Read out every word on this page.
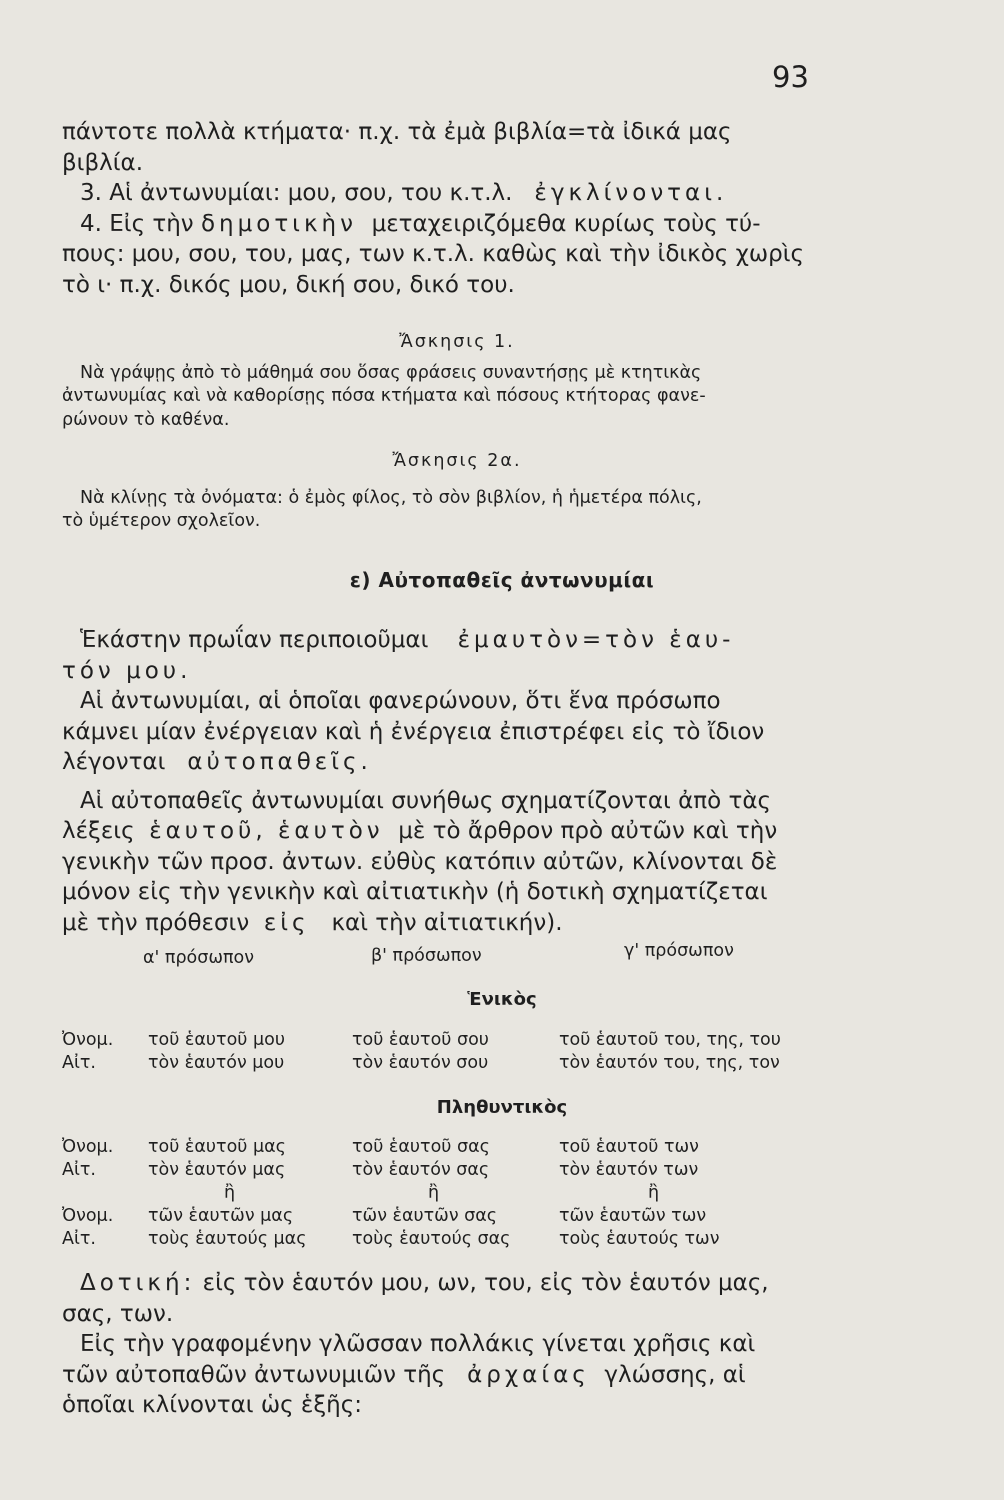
93

πάντοτε πολλὰ κτήματα· π.χ. τὰ ἐμὰ βιβλία=τὰ ἰδικά μας

βιβλία.

3. Αἱ ἀντωνυμίαι: μου, σου, του κ.τ.λ. ἐγκλίνονται.

4. Εἰς τὴν δημοτικὴν μεταχειριζόμεθα κυρίως τοὺς τύ-

πους: μου, σου, του, μας, των κ.τ.λ. καθὼς καὶ τὴν ἰδικὸς χωρὶς

τὸ ι· π.χ. δικός μου, δική σου, δικό του.

Ἄσκησις 1.

Νὰ γράψῃς ἀπὸ τὸ μάθημά σου ὅσας φράσεις συναντήσῃς μὲ κτητικὰς

ἀντωνυμίας καὶ νὰ καθορίσῃς πόσα κτήματα καὶ πόσους κτήτορας φανε-

ρώνουν τὸ καθένα.

Ἄσκησις 2α.

Νὰ κλίνῃς τὰ ὀνόματα: ὁ ἐμὸς φίλος, τὸ σὸν βιβλίον, ἡ ἡμετέρα πόλις,

τὸ ὑμέτερον σχολεῖον.

ε) Αὐτοπαθεῖς ἀντωνυμίαι

Ἑκάστην πρωΐαν περιποιοῦμαι ἐμαυτὸν=τὸν ἑαυ-

τόν μου.

Αἱ ἀντωνυμίαι, αἱ ὁποῖαι φανερώνουν, ὅτι ἕνα πρόσωπο

κάμνει μίαν ἐνέργειαν καὶ ἡ ἐνέργεια ἐπιστρέφει εἰς τὸ ἴδιον

λέγονται αὐτοπαθεῖς.

Αἱ αὐτοπαθεῖς ἀντωνυμίαι συνήθως σχηματίζονται ἀπὸ τὰς

λέξεις ἑαυτοῦ, ἑαυτὸν μὲ τὸ ἄρθρον πρὸ αὐτῶν καὶ τὴν

γενικὴν τῶν προσ. ἀντων. εὐθὺς κατόπιν αὐτῶν, κλίνονται δὲ

μόνον εἰς τὴν γενικὴν καὶ αἰτιατικὴν (ἡ δοτικὴ σχηματίζεται

μὲ τὴν πρόθεσιν εἰς καὶ τὴν αἰτιατικήν).

α' πρόσωπον	β' πρόσωπον	γ' πρόσωπον
Ἑνικὸς
Ὀνομ. τοῦ ἑαυτοῦ μου	τοῦ ἑαυτοῦ σου	τοῦ ἑαυτοῦ του, της, του
Αἰτ.	τὸν ἑαυτόν μου	τὸν ἑαυτόν σου	τὸν ἑαυτόν του, της, τον
Πληθυντικὸς
Ὀνομ. τοῦ ἑαυτοῦ μας	τοῦ ἑαυτοῦ σας	τοῦ ἑαυτοῦ των
Αἰτ.	τὸν ἑαυτόν μας	τὸν ἑαυτόν σας	τὸν ἑαυτόν των
ἢ	ἢ	ἢ
Ὀνομ. τῶν ἑαυτῶν μας	τῶν ἑαυτῶν σας	τῶν ἑαυτῶν των
Αἰτ.	τοὺς ἑαυτούς μας	τοὺς ἑαυτούς σας	τοὺς ἑαυτούς των

Δοτική: εἰς τὸν ἑαυτόν μου, ων, του, εἰς τὸν ἑαυτόν μας,

σας, των.

Εἰς τὴν γραφομένην γλῶσσαν πολλάκις γίνεται χρῆσις καὶ

τῶν αὐτοπαθῶν ἀντωνυμιῶν τῆς ἀρχαίας γλώσσης, αἱ

ὁποῖαι κλίνονται ὡς ἑξῆς:
